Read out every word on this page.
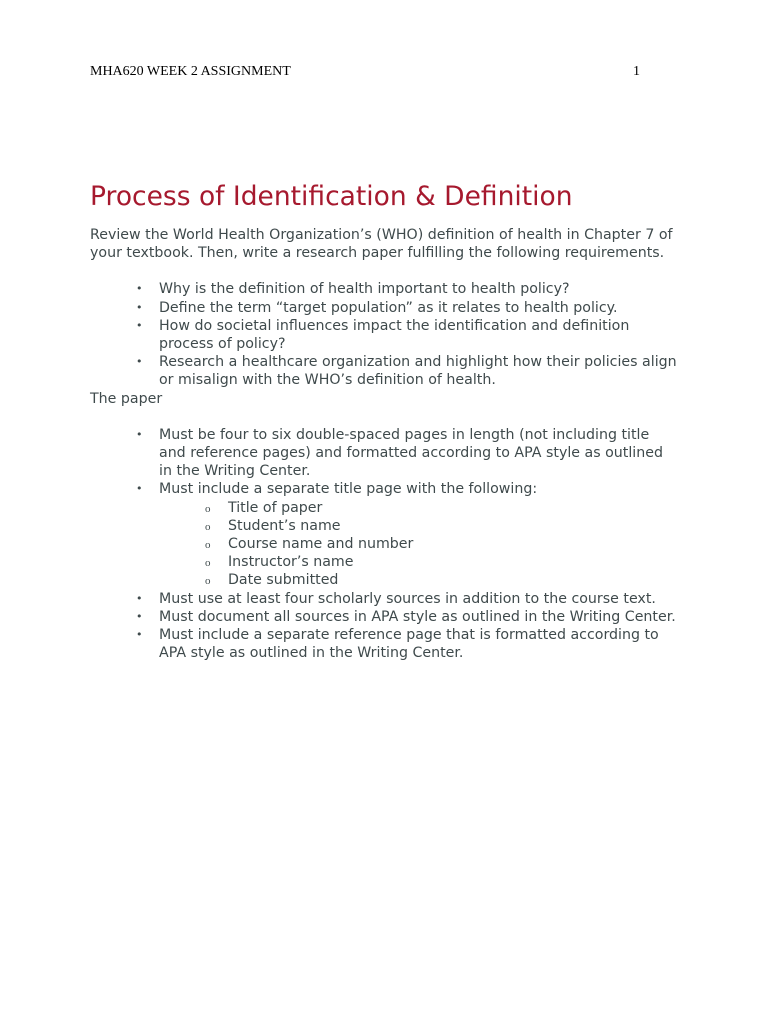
MHA620 WEEK 2 ASSIGNMENT	1
Process of Identification & Definition

Review the World Health Organization’s (WHO) definition of health in Chapter 7 of your textbook. Then, write a research paper fulfilling the following requirements.

• Why is the definition of health important to health policy?
• Define the term “target population” as it relates to health policy.
• How do societal influences impact the identification and definition process of policy?
• Research a healthcare organization and highlight how their policies align or misalign with the WHO’s definition of health.

The paper

• Must be four to six double-spaced pages in length (not including title and reference pages) and formatted according to APA style as outlined in the Writing Center.
• Must include a separate title page with the following:
o Title of paper
o Student’s name
o Course name and number
o Instructor’s name
o Date submitted
• Must use at least four scholarly sources in addition to the course text.
• Must document all sources in APA style as outlined in the Writing Center.
• Must include a separate reference page that is formatted according to APA style as outlined in the Writing Center.
